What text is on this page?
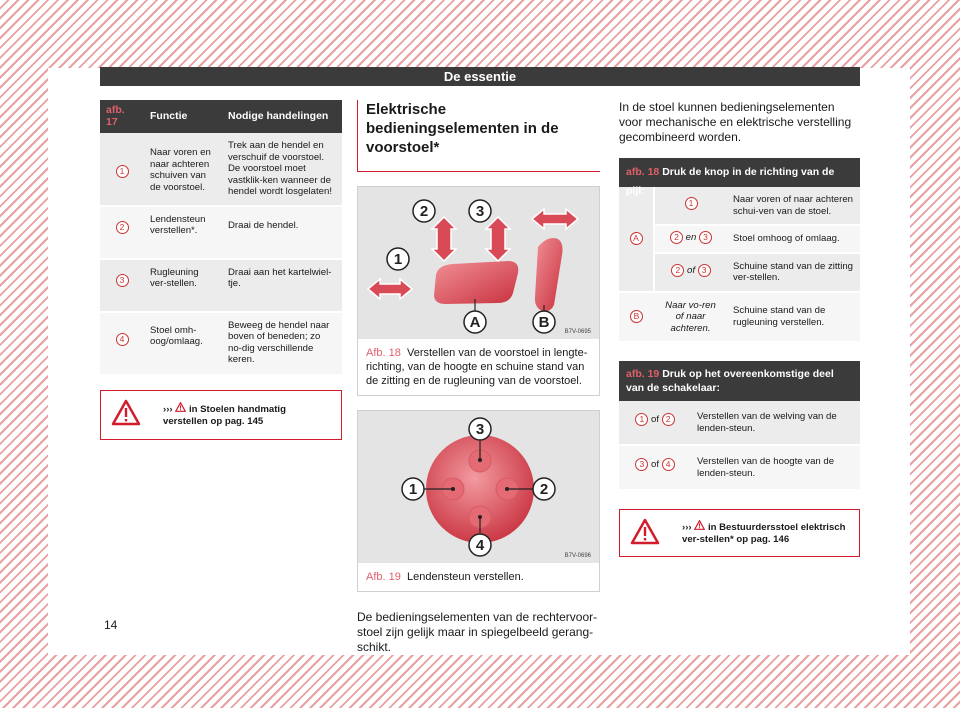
De essentie
afb. 17	Functie	Nodige handelingen
1	Naar voren en naar achteren schuiven van de voorstoel.	Trek aan de hendel en verschuif de voorstoel. De voorstoel moet vastklik-ken wanneer de hendel wordt losgelaten!
2	Lendensteun verstellen*.	Draai de hendel.
3	Rugleuning ver-stellen.	Draai aan het kartelwiel-tje.
4	Stoel omh-oog/omlaag.	Beweeg de hendel naar boven of beneden; zo no-dig verschillende keren.
››› in Stoelen handmatig verstellen op pag. 145
Elektrische bedieningselementen in de voorstoel*
1
2	3
A	B
B7V-0695
Afb. 18 Verstellen van de voorstoel in lengte-richting, van de hoogte en schuine stand van de zitting en de rugleuning van de voorstoel.
3
1	2
4
B7V-0696
Afb. 19 Lendensteun verstellen.
De bedieningselementen van de rechtervoor-stoel zijn gelijk maar in spiegelbeeld gerang-schikt.
In de stoel kunnen bedieningselementen voor mechanische en elektrische verstelling gecombineerd worden.
afb. 18 Druk de knop in de richting van de pijl:
A	1	Naar voren of naar achteren schui-ven van de stoel.
	2 en 3	Stoel omhoog of omlaag.
	2 of 3	Schuine stand van de zitting ver-stellen.
B	Naar vo-ren of naar achteren.	Schuine stand van de rugleuning verstellen.
afb. 19 Druk op het overeenkomstige deel van de schakelaar:
1 of 2	Verstellen van de welving van de lenden-steun.
3 of 4	Verstellen van de hoogte van de lenden-steun.
››› in Bestuurdersstoel elektrisch ver-stellen* op pag. 146
14
